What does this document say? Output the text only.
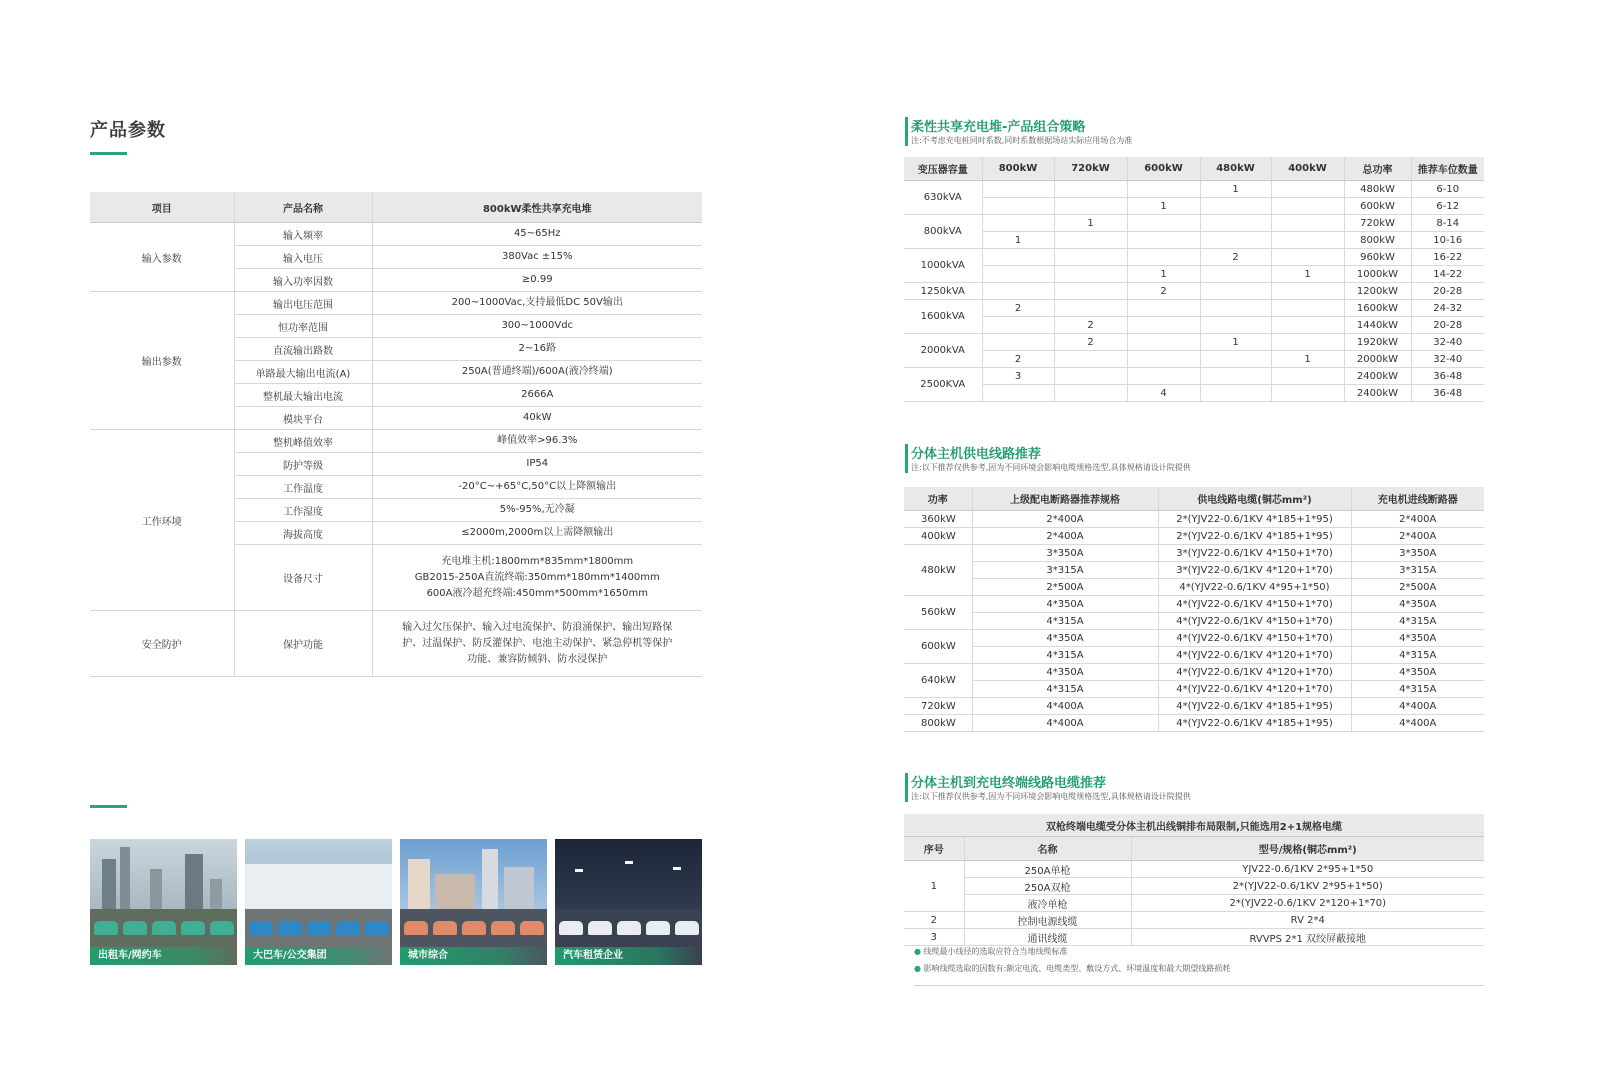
产品参数
项目	产品名称	800kW柔性共享充电堆
输入参数	输入频率	45~65Hz

	输入电压	380Vac ±15%

	输入功率因数	≥0.99

输出参数	输出电压范围	200~1000Vac,支持最低DC 50V输出

	恒功率范围	300~1000Vdc

	直流输出路数	2~16路

	单路最大输出电流(A)	250A(普通终端)/600A(液冷终端)

	整机最大输出电流	2666A

	模块平台	40kW

工作环境	整机峰值效率	峰值效率>96.3%

	防护等级	IP54

	工作温度	-20°C~+65°C,50°C以上降额输出

	工作湿度	5%-95%,无冷凝

	海拔高度	≤2000m,2000m以上需降额输出

	设备尺寸	充电堆主机:1800mm*835mm*1800mm
GB2015-250A直流终端:350mm*180mm*1400mm
600A液冷超充终端:450mm*500mm*1650mm

安全防护	保护功能	输入过欠压保护、输入过电流保护、防浪涌保护、输出短路保
护、过温保护、防反灌保护、电池主动保护、紧急停机等保护
功能、兼容防倾斜、防水浸保护
出租车/网约车	大巴车/公交集团	城市综合	汽车租赁企业
柔性共享充电堆-产品组合策略
注:不考虑充电桩同时系数,同时系数根据场站实际应用场合为准
变压器容量	800kW	720kW	600kW	480kW	400kW	总功率	推荐车位数量
630kVA				1		480kW	6-10
			1			600kW	6-12
800kVA		1				720kW	8-14
	1					800kW	10-16
1000kVA				2		960kW	16-22
			1		1	1000kW	14-22
1250kVA			2			1200kW	20-28
1600kVA	2					1600kW	24-32
		2				1440kW	20-28
2000kVA		2		1		1920kW	32-40
	2				1	2000kW	32-40
2500KVA	3					2400kW	36-48
			4			2400kW	36-48
分体主机供电线路推荐
注:以下推荐仅供参考,因为不同环境会影响电缆规格选型,具体规格请设计院提供
功率	上级配电断路器推荐规格	供电线路电缆(铜芯mm²)	充电机进线断路器
360kW	2*400A	2*(YJV22-0.6/1KV 4*185+1*95)	2*400A
400kW	2*400A	2*(YJV22-0.6/1KV 4*185+1*95)	2*400A
480kW	3*350A	3*(YJV22-0.6/1KV 4*150+1*70)	3*350A
	3*315A	3*(YJV22-0.6/1KV 4*120+1*70)	3*315A
	2*500A	4*(YJV22-0.6/1KV 4*95+1*50)	2*500A
560kW	4*350A	4*(YJV22-0.6/1KV 4*150+1*70)	4*350A
	4*315A	4*(YJV22-0.6/1KV 4*150+1*70)	4*315A
600kW	4*350A	4*(YJV22-0.6/1KV 4*150+1*70)	4*350A
	4*315A	4*(YJV22-0.6/1KV 4*120+1*70)	4*315A
640kW	4*350A	4*(YJV22-0.6/1KV 4*120+1*70)	4*350A
	4*315A	4*(YJV22-0.6/1KV 4*120+1*70)	4*315A
720kW	4*400A	4*(YJV22-0.6/1KV 4*185+1*95)	4*400A
800kW	4*400A	4*(YJV22-0.6/1KV 4*185+1*95)	4*400A
分体主机到充电终端线路电缆推荐
注:以下推荐仅供参考,因为不同环境会影响电缆规格选型,具体规格请设计院提供
双枪终端电缆受分体主机出线铜排布局限制,只能选用2+1规格电缆		
序号	名称	型号/规格(铜芯mm²)
1	250A单枪	YJV22-0.6/1KV 2*95+1*50
	250A双枪	2*(YJV22-0.6/1KV 2*95+1*50)
	液冷单枪	2*(YJV22-0.6/1KV 2*120+1*70)
2	控制电源线缆	RV 2*4
3	通讯线缆	RVVPS 2*1 双绞屏蔽接地
● 线缆最小线径的选取应符合当地线缆标准
● 影响线缆选取的因数有:额定电流、电缆类型、敷设方式、环境温度和最大期望线路损耗
